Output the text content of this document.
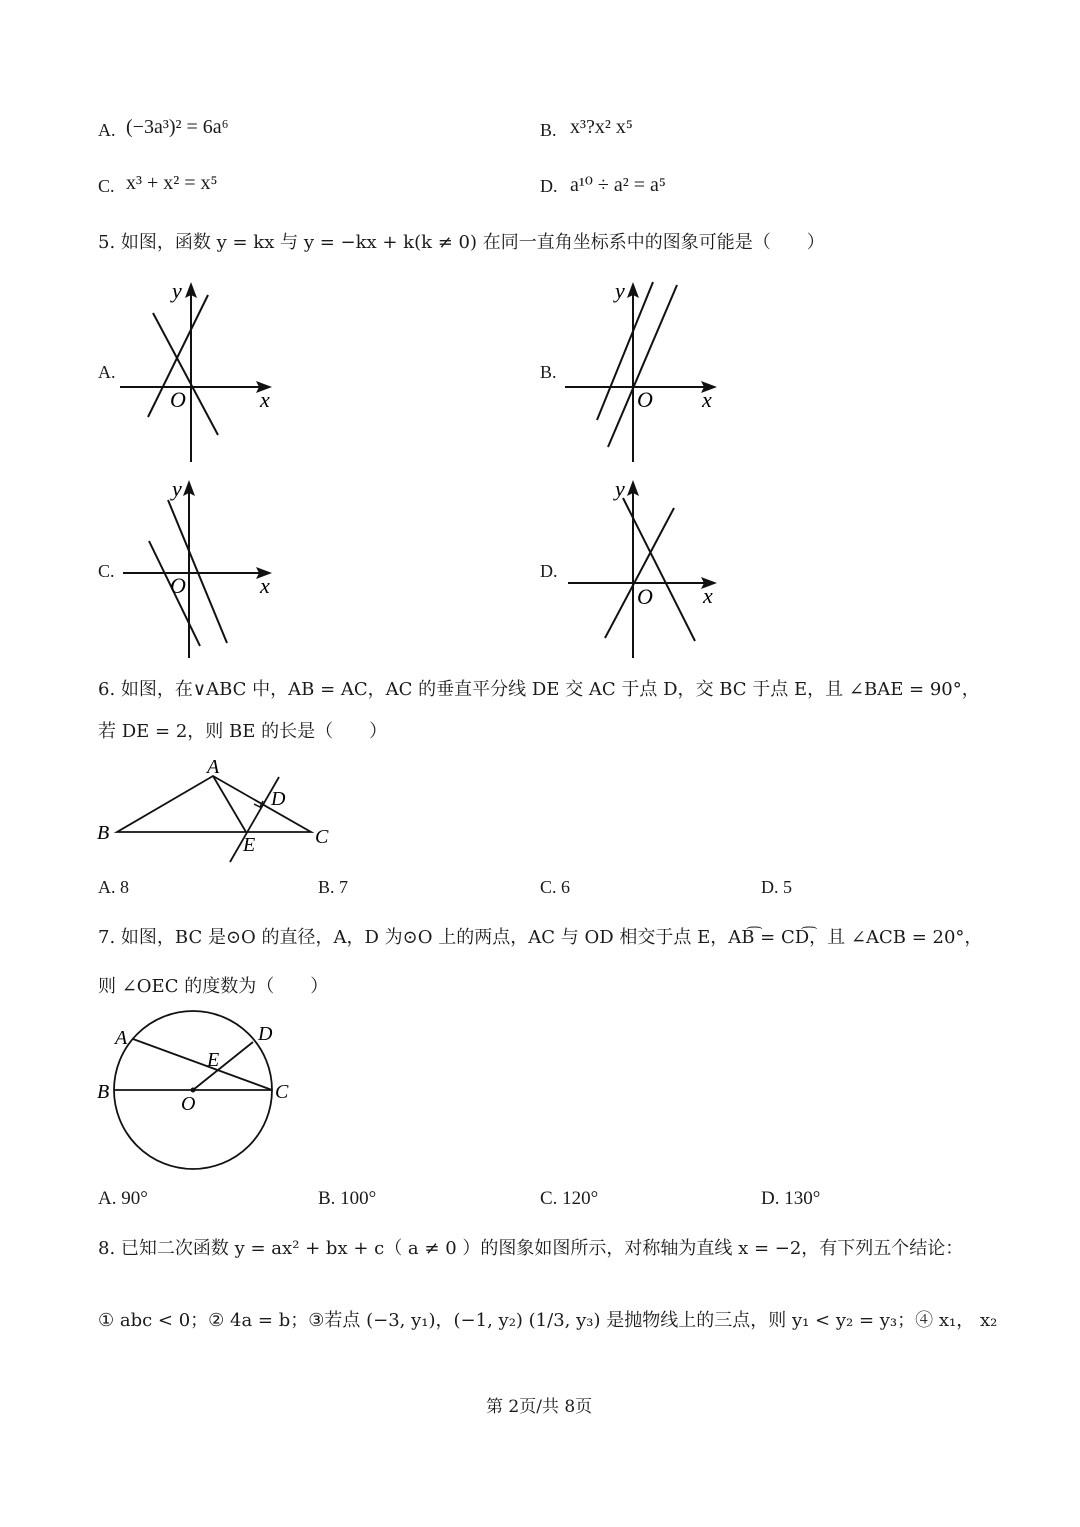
A. (−3a³)² = 6a⁶	B. x³?x² x⁵
C. x³ + x² = x⁵	D. a¹⁰ ÷ a² = a⁵
5. 如图，函数 y = kx 与 y = −kx + k(k ≠ 0) 在同一直角坐标系中的图象可能是（　　）
A.
y
x
O
B.
y
x
O
C.
y
x
O
D.
y
x
O
6. 如图，在∨ABC 中，AB = AC，AC 的垂直平分线 DE 交 AC 于点 D，交 BC 于点 E，且 ∠BAE = 90°，
若 DE = 2，则 BE 的长是（　　）
A
B	C
D
E
A. 8	B. 7	C. 6	D. 5
7. 如图，BC 是⊙O 的直径，A，D 为⊙O 上的两点，AC 与 OD 相交于点 E，AB͡ = CD͡，且 ∠ACB = 20°，
则 ∠OEC 的度数为（　　）
A
B	C
D
E
O
A. 90°	B. 100°	C. 120°	D. 130°
8. 已知二次函数 y = ax² + bx + c（ a ≠ 0 ）的图象如图所示，对称轴为直线 x = −2，有下列五个结论：
① abc < 0；② 4a = b；③若点 (−3, y₁)，(−1, y₂) (1/3, y₃) 是抛物线上的三点，则 y₁ < y₂ = y₃；④ x₁， x₂
第 2页/共 8页
